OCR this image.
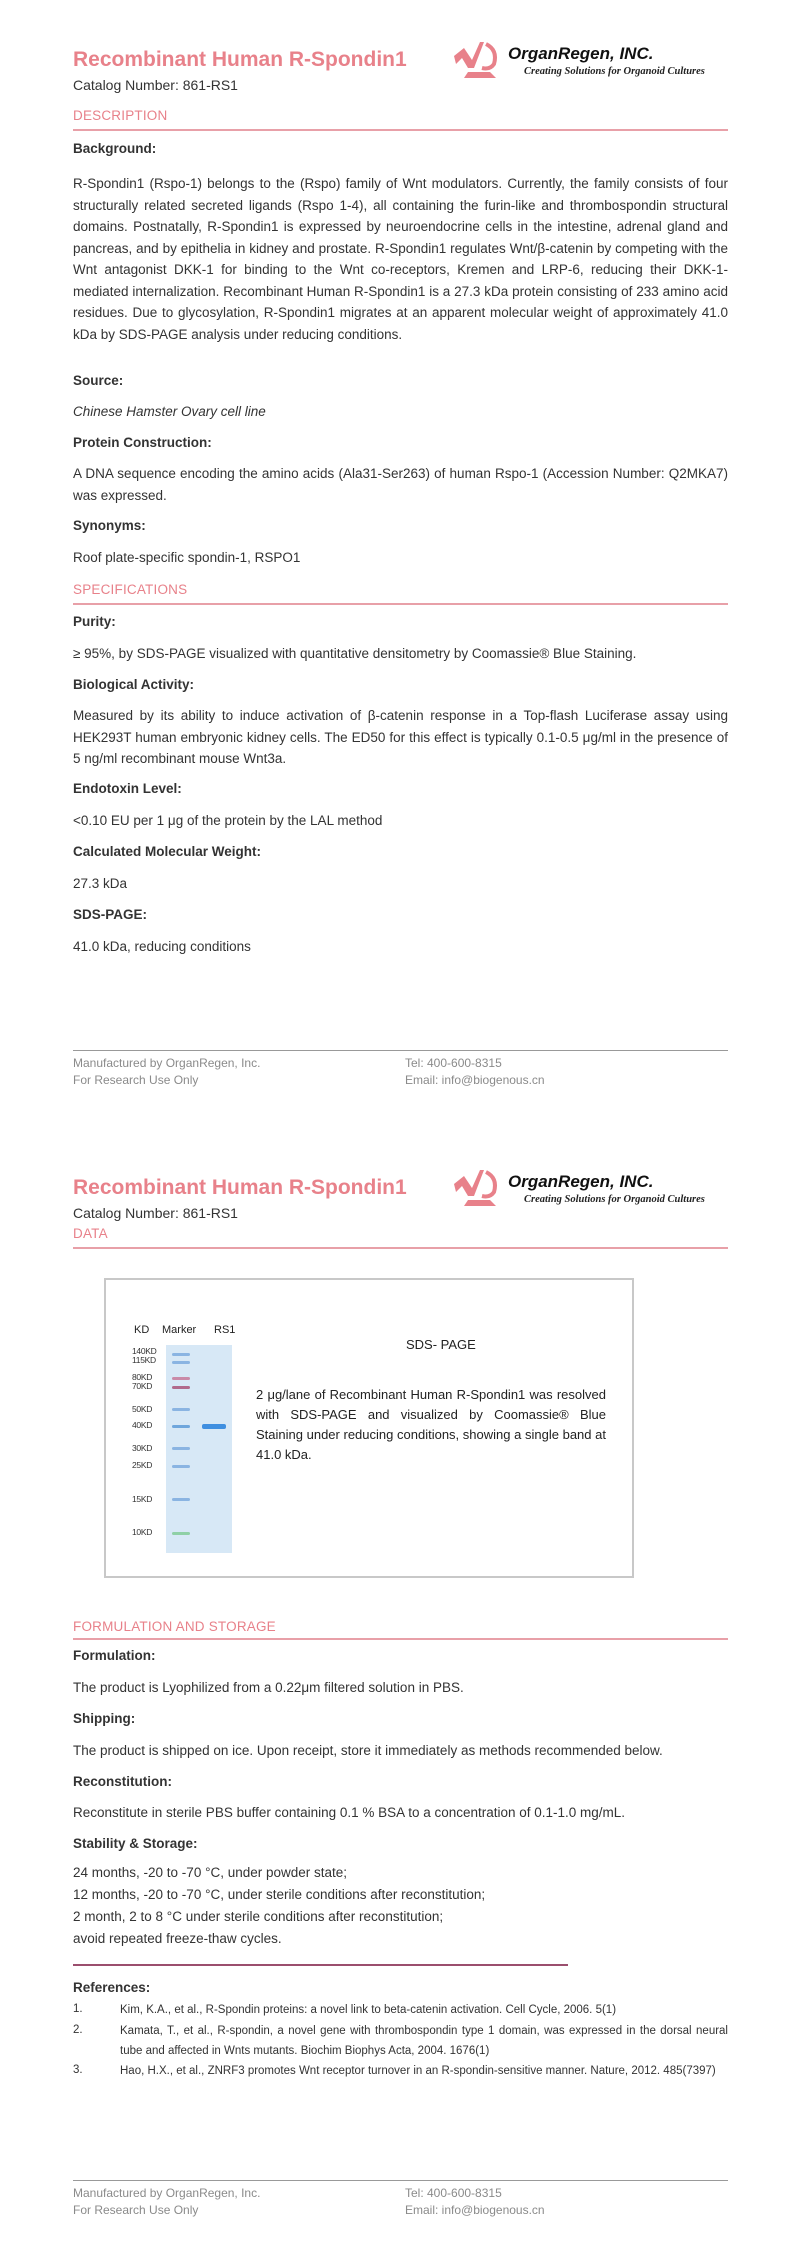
Recombinant Human R-Spondin1
Catalog Number: 861-RS1
OrganRegen, INC.
Creating Solutions for Organoid Cultures
DESCRIPTION
Background:
R-Spondin1 (Rspo-1) belongs to the (Rspo) family of Wnt modulators. Currently, the family consists of four structurally related secreted ligands (Rspo 1-4), all containing the furin-like and thrombospondin structural domains. Postnatally, R-Spondin1 is expressed by neuroendocrine cells in the intestine, adrenal gland and pancreas, and by epithelia in kidney and prostate. R-Spondin1 regulates Wnt/β-catenin by competing with the Wnt antagonist DKK-1 for binding to the Wnt co-receptors, Kremen and LRP-6, reducing their DKK-1-mediated internalization. Recombinant Human R-Spondin1 is a 27.3 kDa protein consisting of 233 amino acid residues. Due to glycosylation, R-Spondin1 migrates at an apparent molecular weight of approximately 41.0 kDa by SDS-PAGE analysis under reducing conditions.
Source:
Chinese Hamster Ovary cell line
Protein Construction:
A DNA sequence encoding the amino acids (Ala31-Ser263) of human Rspo-1 (Accession Number: Q2MKA7) was expressed.
Synonyms:
Roof plate-specific spondin-1, RSPO1
SPECIFICATIONS
Purity:
≥ 95%, by SDS-PAGE visualized with quantitative densitometry by Coomassie® Blue Staining.
Biological Activity:
Measured by its ability to induce activation of β-catenin response in a Top-flash Luciferase assay using HEK293T human embryonic kidney cells. The ED50 for this effect is typically 0.1-0.5 μg/ml in the presence of 5 ng/ml recombinant mouse Wnt3a.
Endotoxin Level:
<0.10 EU per 1 μg of the protein by the LAL method
Calculated Molecular Weight:
27.3 kDa
SDS-PAGE:
41.0 kDa, reducing conditions
Manufactured by OrganRegen, Inc.
For Research Use Only
Tel: 400-600-8315
Email: info@biogenous.cn
Recombinant Human R-Spondin1
Catalog Number: 861-RS1
OrganRegen, INC.
Creating Solutions for Organoid Cultures
DATA
KD Marker RS1
140KD
115KD
80KD
70KD
50KD
40KD
30KD
25KD
15KD
10KD
SDS- PAGE
2 μg/lane of Recombinant Human R-Spondin1 was resolved with SDS-PAGE and visualized by Coomassie® Blue Staining under reducing conditions, showing a single band at 41.0 kDa.
FORMULATION AND STORAGE
Formulation:
The product is Lyophilized from a 0.22μm filtered solution in PBS.
Shipping:
The product is shipped on ice. Upon receipt, store it immediately as methods recommended below.
Reconstitution:
Reconstitute in sterile PBS buffer containing 0.1 % BSA to a concentration of 0.1-1.0 mg/mL.
Stability & Storage:
24 months, -20 to -70 °C, under powder state;
12 months, -20 to -70 °C, under sterile conditions after reconstitution;
2 month, 2 to 8 °C under sterile conditions after reconstitution;
avoid repeated freeze-thaw cycles.
References:
1.	Kim, K.A., et al., R-Spondin proteins: a novel link to beta-catenin activation. Cell Cycle, 2006. 5(1)
2.	Kamata, T., et al., R-spondin, a novel gene with thrombospondin type 1 domain, was expressed in the dorsal neural tube and affected in Wnts mutants. Biochim Biophys Acta, 2004. 1676(1)
3.	Hao, H.X., et al., ZNRF3 promotes Wnt receptor turnover in an R-spondin-sensitive manner. Nature, 2012. 485(7397)
Manufactured by OrganRegen, Inc.
For Research Use Only
Tel: 400-600-8315
Email: info@biogenous.cn
